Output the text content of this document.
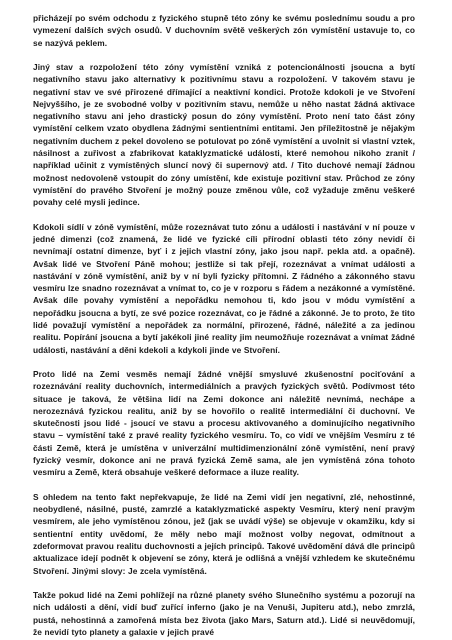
přicházejí po svém odchodu z fyzického stupně této zóny ke svému poslednímu soudu a pro vymezení dalších svých osudů. V duchovním světě veškerých zón vymístění ustavuje to, co se nazývá peklem.

Jiný stav a rozpoložení této zóny vymístění vzniká z potencionálnosti jsoucna a bytí negativního stavu jako alternativy k pozitivnímu stavu a rozpoložení. V takovém stavu je negativní stav ve své přirozené dřímající a neaktivní kondici. Protože kdokoli je ve Stvoření Nejvyššího, je ze svobodné volby v pozitivním stavu, nemůže u něho nastat žádná aktivace negativního stavu ani jeho drastický posun do zóny vymístění. Proto není tato část zóny vymístění celkem vzato obydlena žádnými sentientními entitami. Jen příležitostně je nějakým negativním duchem z pekel dovoleno se potulovat po zóně vymístění a uvolnit si vlastní vztek, násilnost a zuřivost a zfabrikovat kataklyzmatické události, které nemohou nikoho zranit / například učinit z vymístěných sluncí nový či supernový atd. / Tito duchové nemají žádnou možnost nedovoleně vstoupit do zóny umístění, kde existuje pozitivní stav. Průchod ze zóny vymístění do pravého Stvoření je možný pouze změnou vůle, což vyžaduje změnu veškeré povahy celé mysli jedince.

Kdokoli sídlí v zóně vymístění, může rozeznávat tuto zónu a události i nastávání v ní pouze v jedné dimenzi (což znamená, že lidé ve fyzické cíli přírodní oblasti této zóny nevidí či nevnímají ostatní dimenze, byť i z jejich vlastní zóny, jako jsou např. pekla atd. a opačně). Avšak lidé ve Stvoření Páně mohou; jestliže si tak přejí, rozeznávat a vnímat události a nastávání v zóně vymístění, aniž by v ní byli fyzicky přítomni. Z řádného a zákonného stavu vesmíru lze snadno rozeznávat a vnímat to, co je v rozporu s řádem a nezákonné a vymístěné. Avšak díle povahy vymístění a nepořádku nemohou ti, kdo jsou v módu vymístění a nepořádku jsoucna a bytí, ze své pozice rozeznávat, co je řádné a zákonné. Je to proto, že tito lidé považují vymístění a nepořádek za normální, přirozené, řádné, náležité a za jedinou realitu. Popírání jsoucna a bytí jakékoli jiné reality jim neumožňuje rozeznávat a vnímat žádné události, nastávání a děni kdekoli a kdykoli jinde ve Stvoření.

Proto lidé na Zemi vesměs nemají žádné vnější smysluvé zkušenostní pociťování a rozeznávání reality duchovních, intermediálních a pravých fyzických světů. Podívmost této situace je taková, že většina lidí na Zemi dokonce ani náležitě nevnímá, nechápe a nerozeznává fyzickou realitu, aniž by se hovořilo o realitě intermediální či duchovní. Ve skutečnosti jsou lidé - jsoucí ve stavu a procesu aktivovaného a dominujícího negativního stavu – vymístění také z pravé reality fyzického vesmíru. To, co vidí ve vnějším Vesmíru z té části Země, která je umístěna v univerzální multidimenzionální zóně vymístění, není pravý fyzický vesmír, dokonce ani ne pravá fyzická Země sama, ale jen vymístěná zóna tohoto vesmíru a Země, která obsahuje veškeré deformace a iluze reality.

S ohledem na tento fakt nepřekvapuje, že lidé na Zemi vidí jen negativní, zlé, nehostinné, neobydlené, násilné, pusté, zamrzlé a kataklyzmatické aspekty Vesmíru, který není pravým vesmírem, ale jeho vymístěnou zónou, jež (jak se uvádí výše) se objevuje v okamžiku, kdy si sentientní entity uvědomí, že měly nebo mají možnost volby negovat, odmítnout a zdeformovat pravou realitu duchovnosti a jejích principů. Takové uvědomění dává dle principů aktualizace idejí podnět k objevení se zóny, která je odlišná a vnější vzhledem ke skutečnému Stvoření. Jinými slovy: Je zcela vymístěná.

Takže pokud lidé na Zemi pohlížejí na různé planety svého Slunečního systému a pozorují na nich události a dění, vidí buď zuřící inferno (jako je na Venuši, Jupiteru atd.), nebo zmrzlá, pustá, nehostinná a zamořená místa bez života (jako Mars, Saturn atd.). Lidé si neuvědomují, že nevidí tyto planety a galaxie v jejich pravé
